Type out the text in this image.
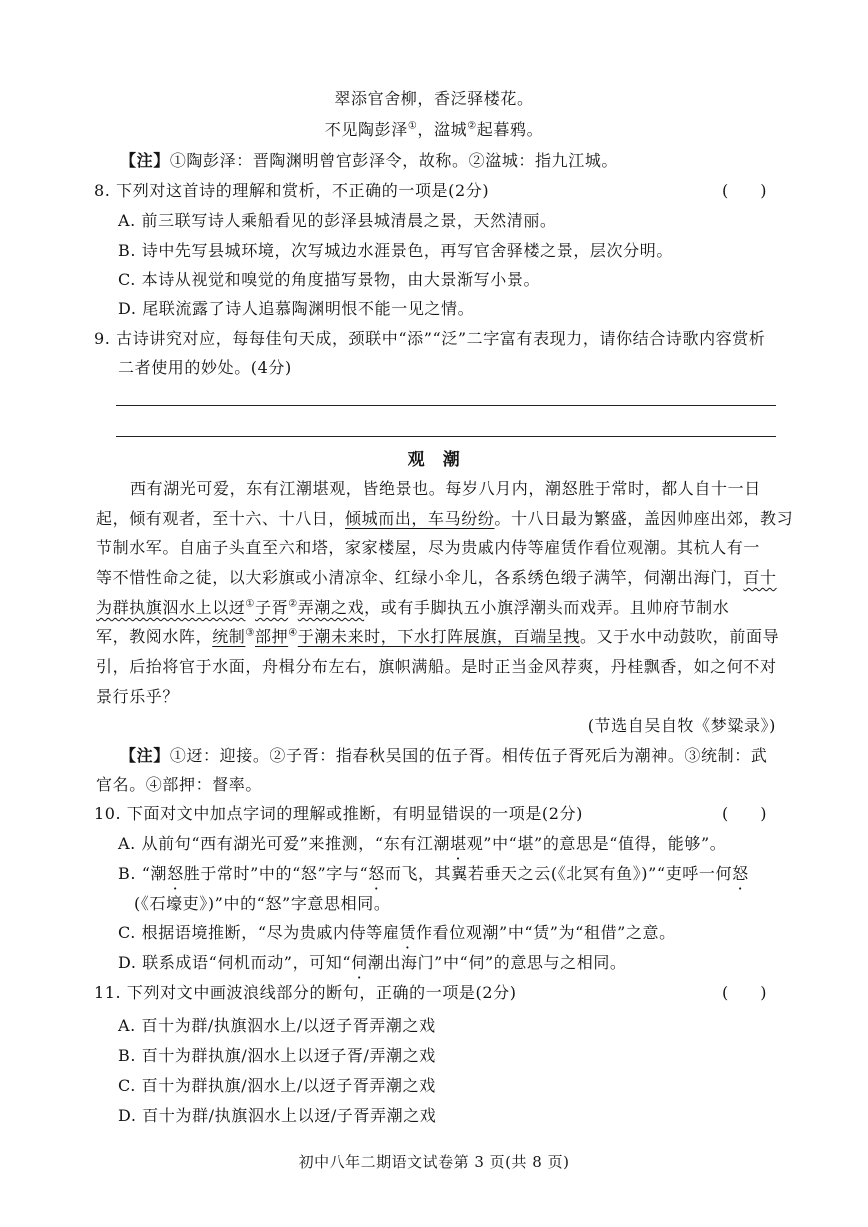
翠添官舍柳，香泛驿楼花。
不见陶彭泽①，湓城②起暮鸦。
【注】①陶彭泽：晋陶渊明曾官彭泽令，故称。②湓城：指九江城。
8. 下列对这首诗的理解和赏析，不正确的一项是(2分)	(　　)
A. 前三联写诗人乘船看见的彭泽县城清晨之景，天然清丽。
B. 诗中先写县城环境，次写城边水涯景色，再写官舍驿楼之景，层次分明。
C. 本诗从视觉和嗅觉的角度描写景物，由大景渐写小景。
D. 尾联流露了诗人追慕陶渊明恨不能一见之情。
9. 古诗讲究对应，每每佳句天成，颈联中“添”“泛”二字富有表现力，请你结合诗歌内容赏析
二者使用的妙处。(4分)
观　潮
西有湖光可爱，东有江潮堪观，皆绝景也。每岁八月内，潮怒胜于常时，都人自十一日
起，倾有观者，至十六、十八日，倾城而出，车马纷纷。十八日最为繁盛，盖因帅座出郊，教习
节制水军。自庙子头直至六和塔，家家楼屋，尽为贵戚内侍等雇赁作看位观潮。其杭人有一
等不惜性命之徒，以大彩旗或小清凉伞、红绿小伞儿，各系绣色缎子满竿，伺潮出海门，百十
为群执旗泅水上以迓①子胥②弄潮之戏，或有手脚执五小旗浮潮头而戏弄。且帅府节制水
军，教阅水阵，统制③部押④于潮未来时，下水打阵展旗，百端呈拽。又于水中动鼓吹，前面导
引，后抬将官于水面，舟楫分布左右，旗帜满船。是时正当金风荐爽，丹桂飘香，如之何不对
景行乐乎？
(节选自吴自牧《梦粱录》)
【注】①迓：迎接。②子胥：指春秋吴国的伍子胥。相传伍子胥死后为潮神。③统制：武
官名。④部押：督率。
10. 下面对文中加点字词的理解或推断，有明显错误的一项是(2分)	(　　)
A. 从前句“西有湖光可爱”来推测，“东有江潮堪观”中“堪”的意思是“值得，能够”。
B. “潮怒胜于常时”中的“怒”字与“怒而飞，其翼若垂天之云(《北冥有鱼》)”“吏呼一何怒
(《石壕吏》)”中的“怒”字意思相同。
C. 根据语境推断，“尽为贵戚内侍等雇赁作看位观潮”中“赁”为“租借”之意。
D. 联系成语“伺机而动”，可知“伺潮出海门”中“伺”的意思与之相同。
11. 下列对文中画波浪线部分的断句，正确的一项是(2分)	(　　)
A. 百十为群/执旗泅水上/以迓子胥弄潮之戏
B. 百十为群执旗/泅水上以迓子胥/弄潮之戏
C. 百十为群执旗/泅水上/以迓子胥弄潮之戏
D. 百十为群/执旗泅水上以迓/子胥弄潮之戏
初中八年二期语文试卷第 3 页(共 8 页)
